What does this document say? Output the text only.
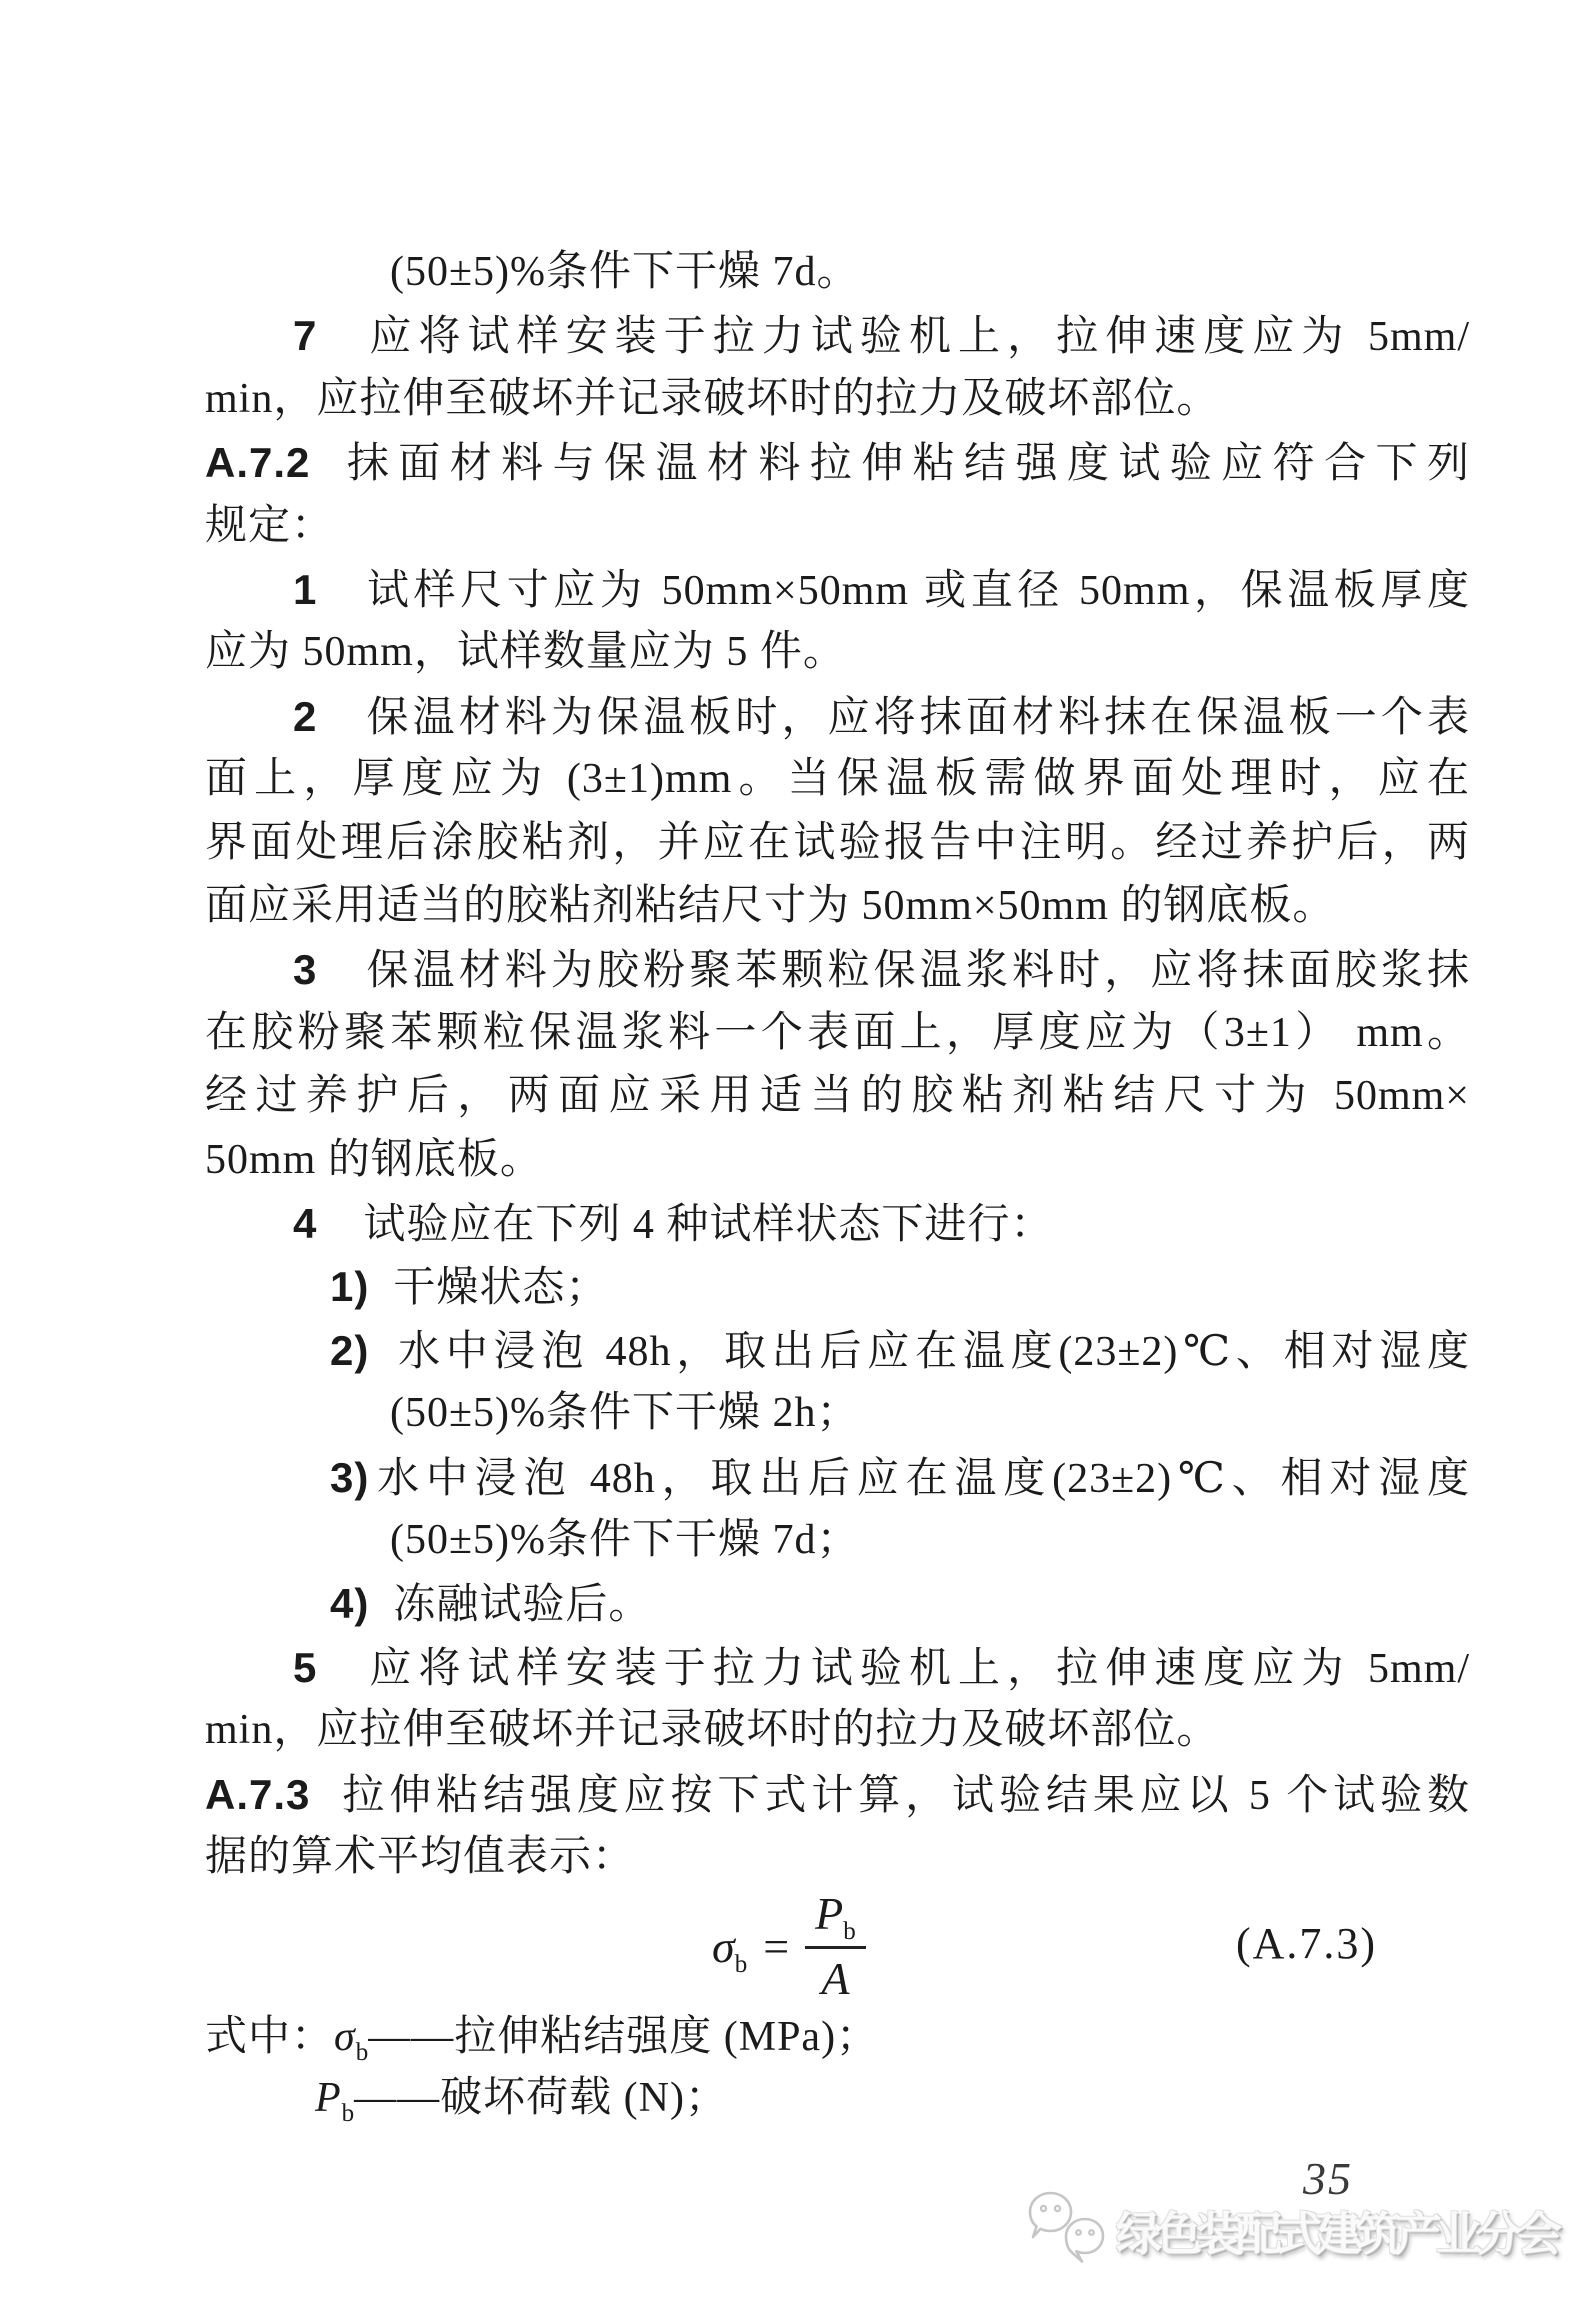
(50±5)%条件下干燥 7d。
7 应将试样安装于拉力试验机上，拉伸速度应为 5mm/
min，应拉伸至破坏并记录破坏时的拉力及破坏部位。
A.7.2 抹面材料与保温材料拉伸粘结强度试验应符合下列
规定：
1 试样尺寸应为 50mm×50mm 或直径 50mm，保温板厚度
应为 50mm，试样数量应为 5 件。
2 保温材料为保温板时，应将抹面材料抹在保温板一个表
面上，厚度应为 (3±1)mm。当保温板需做界面处理时，应在
界面处理后涂胶粘剂，并应在试验报告中注明。经过养护后，两
面应采用适当的胶粘剂粘结尺寸为 50mm×50mm 的钢底板。
3 保温材料为胶粉聚苯颗粒保温浆料时，应将抹面胶浆抹
在胶粉聚苯颗粒保温浆料一个表面上，厚度应为（3±1） mm。
经过养护后，两面应采用适当的胶粘剂粘结尺寸为 50mm×
50mm 的钢底板。
4 试验应在下列 4 种试样状态下进行：
1) 干燥状态；
2) 水中浸泡 48h，取出后应在温度(23±2)℃、相对湿度
(50±5)%条件下干燥 2h；
3)水中浸泡 48h，取出后应在温度(23±2)℃、相对湿度
(50±5)%条件下干燥 7d；
4) 冻融试验后。
5 应将试样安装于拉力试验机上，拉伸速度应为 5mm/
min，应拉伸至破坏并记录破坏时的拉力及破坏部位。
A.7.3 拉伸粘结强度应按下式计算，试验结果应以 5 个试验数
据的算术平均值表示：
$\sigma_b = \frac{P_b}{A}$	(A.7.3)
式中：$\sigma_b——$拉伸粘结强度 (MPa)；
$P_b——$破坏荷载 (N)；
35
绿色装配式建筑产业分会
